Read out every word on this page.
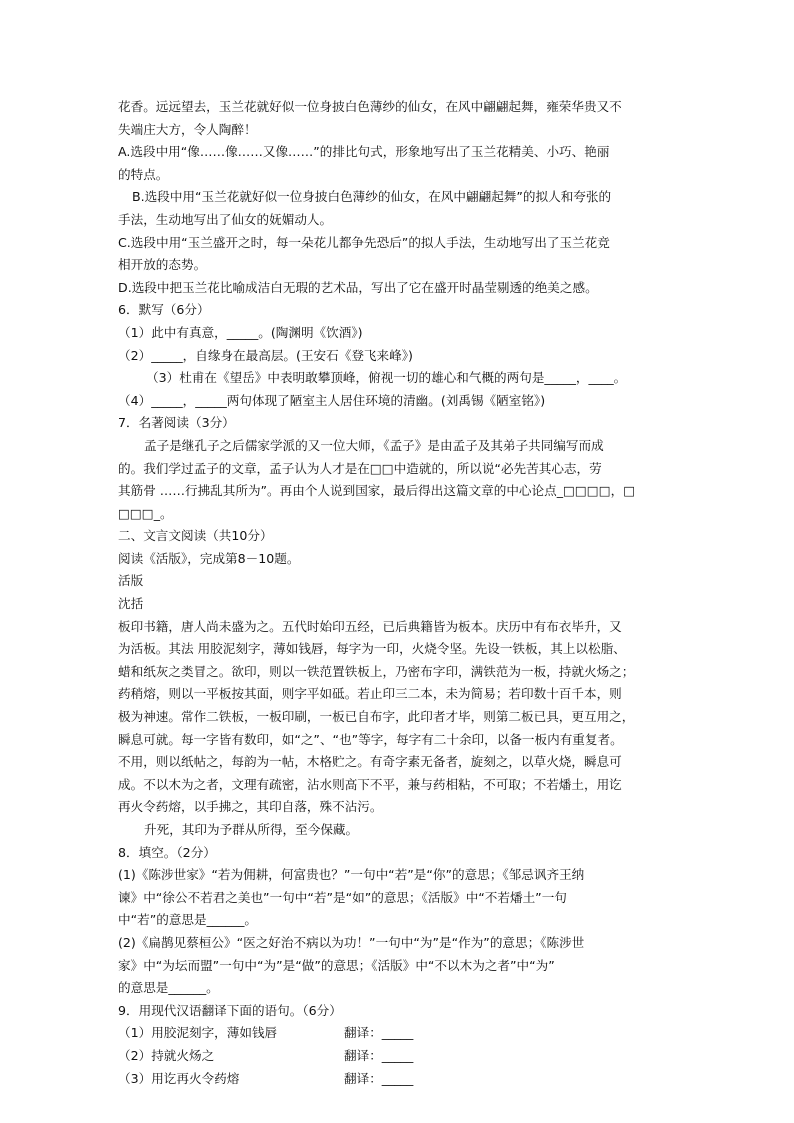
花香。远远望去，玉兰花就好似一位身披白色薄纱的仙女，在风中翩翩起舞，雍荣华贵又不
失端庄大方，令人陶醉！
A.选段中用“像……像……又像……”的排比句式，形象地写出了玉兰花精美、小巧、艳丽
的特点。
B.选段中用“玉兰花就好似一位身披白色薄纱的仙女，在风中翩翩起舞”的拟人和夸张的
手法，生动地写出了仙女的妩媚动人。
C.选段中用“玉兰盛开之时，每一朵花儿都争先恐后”的拟人手法，生动地写出了玉兰花竞
相开放的态势。
D.选段中把玉兰花比喻成洁白无瑕的艺术品，写出了它在盛开时晶莹剔透的绝美之感。
6．默写（6分）
（1）此中有真意，_____。(陶渊明《饮酒》)
（2）_____，自缘身在最高层。(王安石《登飞来峰》)
（3）杜甫在《望岳》中表明敢攀顶峰，俯视一切的雄心和气概的两句是_____，____。
（4）_____，_____两句体现了陋室主人居住环境的清幽。(刘禹锡《陋室铭》)
7．名著阅读（3分）
孟子是继孔子之后儒家学派的又一位大师，《孟子》是由孟子及其弟子共同编写而成
的。我们学过孟子的文章，孟子认为人才是在□□中造就的，所以说“必先苦其心志，劳
其筋骨 ……行拂乱其所为”。再由个人说到国家，最后得出这篇文章的中心论点_□□□□，□
□□□_。
二、文言文阅读（共10分）
阅读《活版》，完成第8－10题。
活版
沈括
板印书籍，唐人尚未盛为之。五代时始印五经，已后典籍皆为板本。庆历中有布衣毕升，又
为活板。其法 用胶泥刻字，薄如钱唇，每字为一印，火烧令坚。先设一铁板，其上以松脂、
蜡和纸灰之类冒之。欲印，则以一铁范置铁板上，乃密布字印，满铁范为一板，持就火炀之；
药稍熔，则以一平板按其面，则字平如砥。若止印三二本，未为简易；若印数十百千本，则
极为神速。常作二铁板，一板印刷，一板已自布字，此印者才毕，则第二板已具，更互用之，
瞬息可就。每一字皆有数印，如“之”、“也”等字，每字有二十余印，以备一板内有重复者。
不用，则以纸帖之，每韵为一帖，木格贮之。有奇字素无备者，旋刻之，以草火烧，瞬息可
成。不以木为之者，文理有疏密，沾水则高下不平，兼与药相粘，不可取；不若燔土，用讫
再火令药熔，以手拂之，其印自落，殊不沾污。
升死，其印为予群从所得，至今保藏。
8．填空。（2分）
(1)《陈涉世家》“若为佣耕，何富贵也？”一句中“若”是“你”的意思；《邹忌讽齐王纳
谏》中“徐公不若君之美也”一句中“若”是“如”的意思；《活版》中“不若燔土”一句
中“若”的意思是______。
(2)《扁鹊见蔡桓公》“医之好治不病以为功！”一句中“为”是“作为”的意思；《陈涉世
家》中“为坛而盟”一句中“为”是“做”的意思；《活版》中“不以木为之者”中“为”
的意思是______。
9．用现代汉语翻译下面的语句。（6分）
（1）用胶泥刻字，薄如钱唇	翻译：_____
（2）持就火炀之	翻译：_____
（3）用讫再火令药熔	翻译：_____
